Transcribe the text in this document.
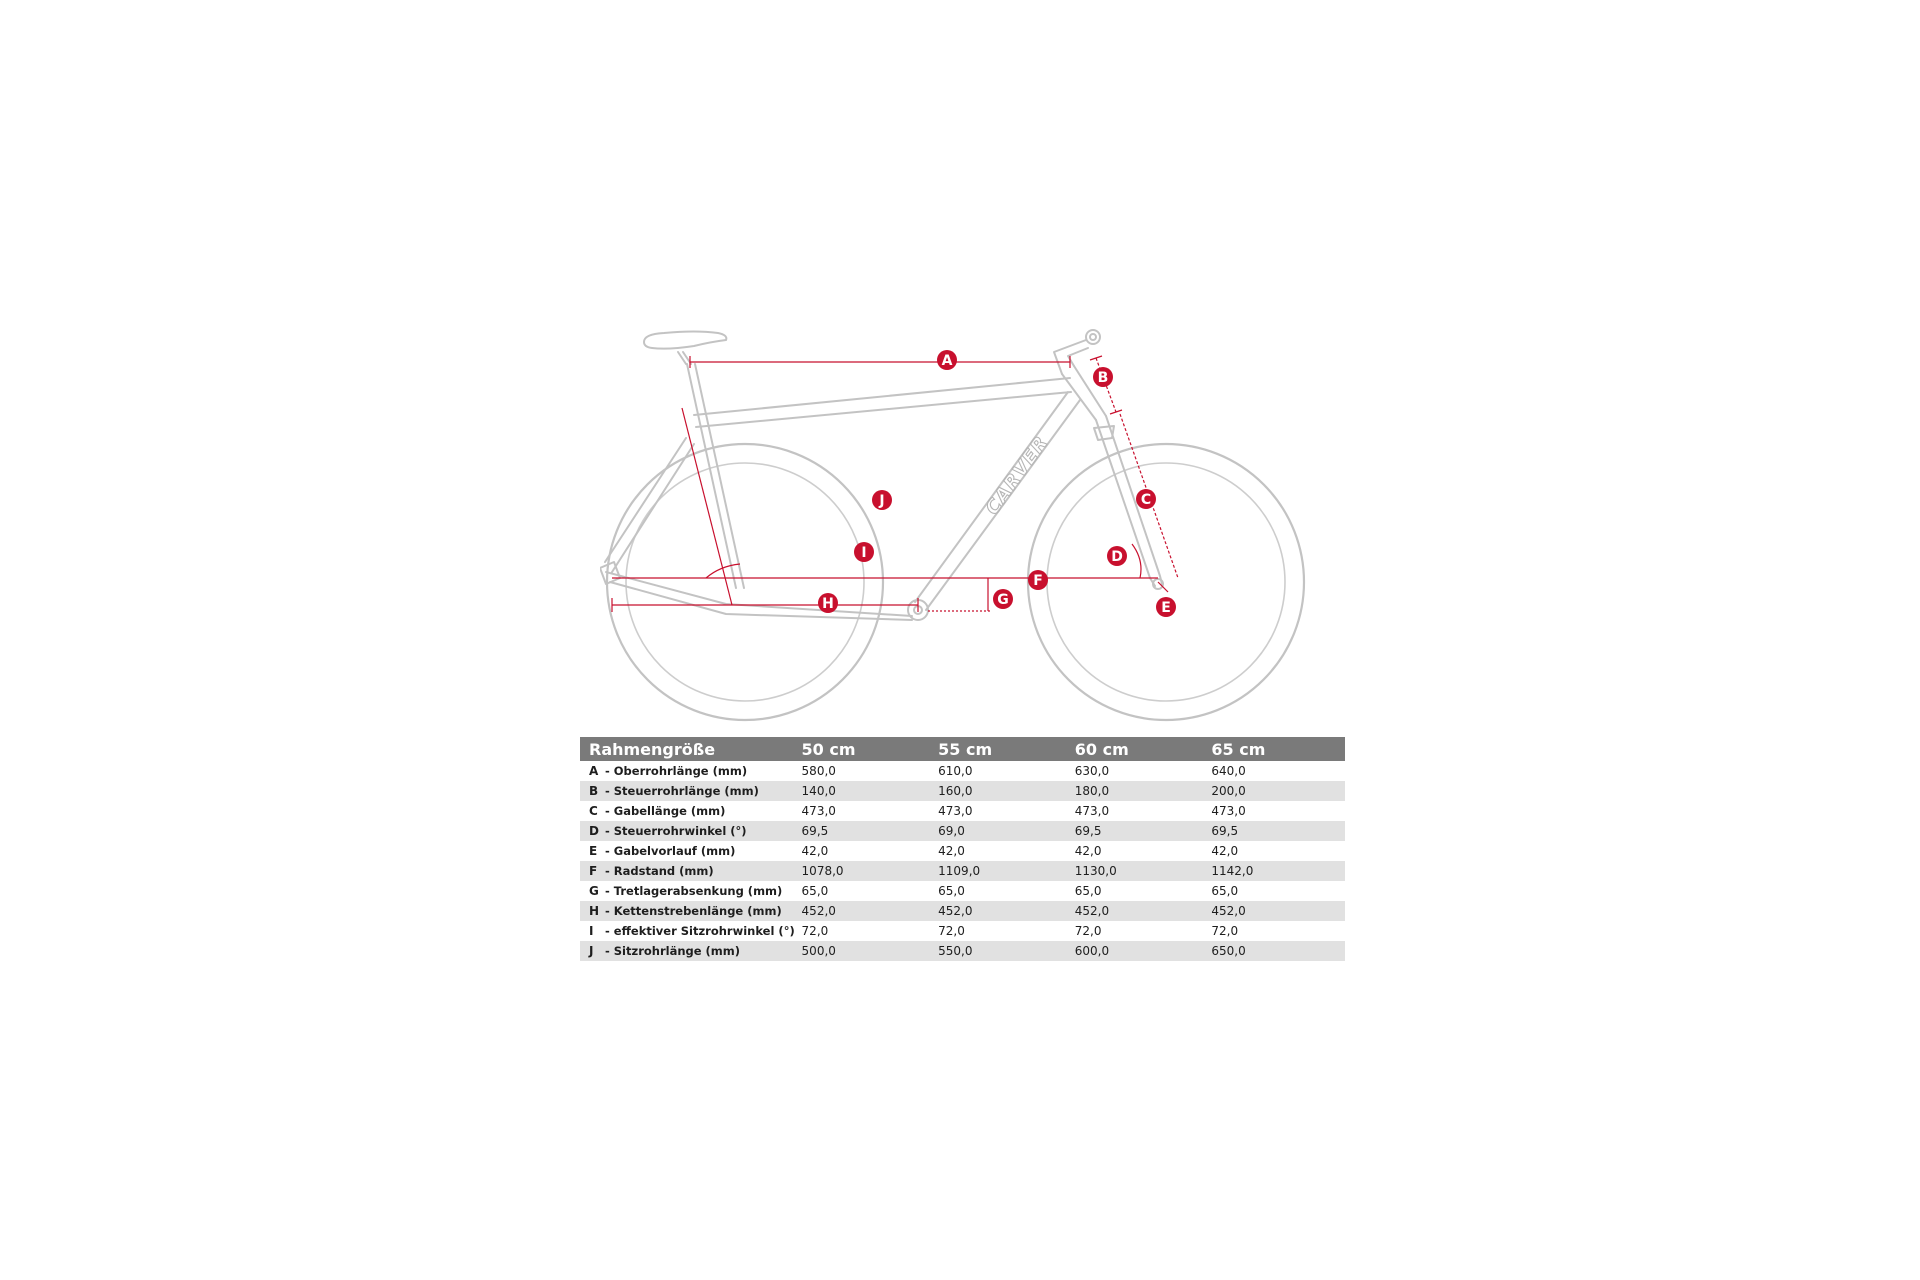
CARVER
A
B
C
D
E
F
G
H
I
J
Rahmengröße	50 cm	55 cm	60 cm	65 cm
A - Oberrohrlänge (mm)	580,0	610,0	630,0	640,0
B - Steuerrohrlänge (mm)	140,0	160,0	180,0	200,0
C - Gabellänge (mm)	473,0	473,0	473,0	473,0
D - Steuerrohrwinkel (°)	69,5	69,0	69,5	69,5
E - Gabelvorlauf (mm)	42,0	42,0	42,0	42,0
F - Radstand (mm)	1078,0	1109,0	1130,0	1142,0
G - Tretlagerabsenkung (mm) 65,0	65,0	65,0	65,0
H - Kettenstrebenlänge (mm) 452,0	452,0	452,0	452,0
I	- effektiver Sitzrohrwinkel (°) 72,0	72,0	72,0	72,0
J	- Sitzrohrlänge (mm)	500,0	550,0	600,0	650,0
